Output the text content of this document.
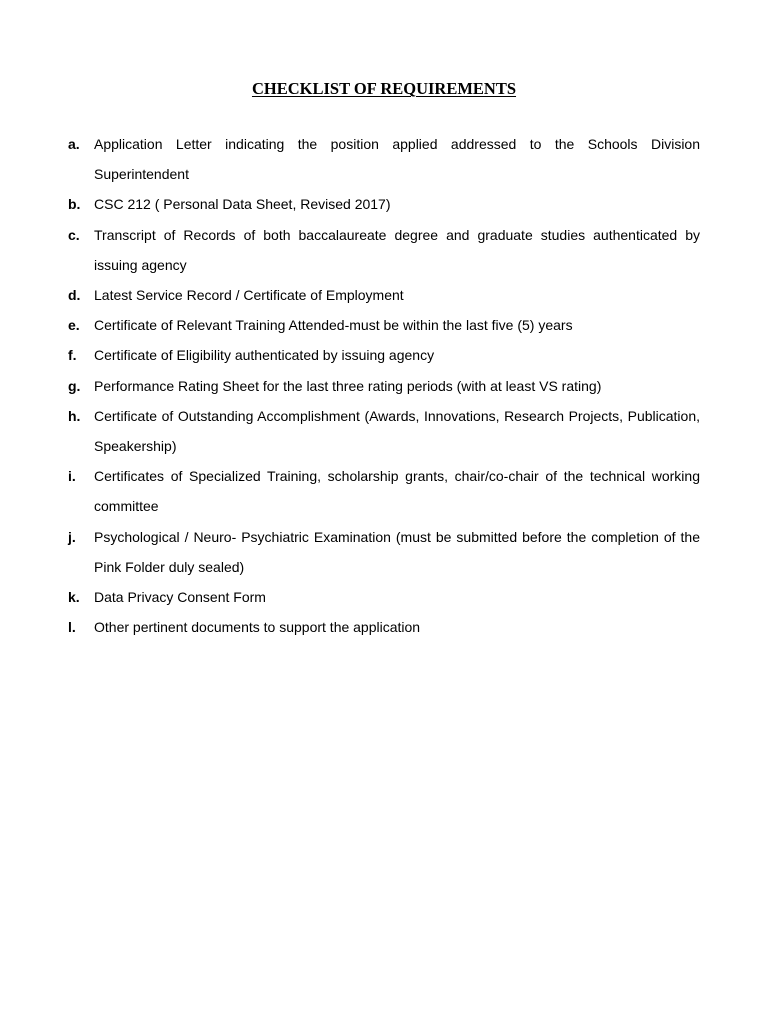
CHECKLIST OF REQUIREMENTS
a. Application Letter indicating the position applied addressed to the Schools Division Superintendent
b. CSC 212 ( Personal Data Sheet, Revised 2017)
c. Transcript of Records of both baccalaureate degree and graduate studies authenticated by issuing agency
d. Latest Service Record / Certificate of Employment
e. Certificate of Relevant Training Attended-must be within the last five (5) years
f. Certificate of Eligibility authenticated by issuing agency
g. Performance Rating Sheet for the last three rating periods (with at least VS rating)
h. Certificate of Outstanding Accomplishment (Awards, Innovations, Research Projects, Publication, Speakership)
i. Certificates of Specialized Training, scholarship grants, chair/co-chair of the technical working committee
j. Psychological / Neuro- Psychiatric Examination (must be submitted before the completion of the Pink Folder duly sealed)
k. Data Privacy Consent Form
l. Other pertinent documents to support the application
